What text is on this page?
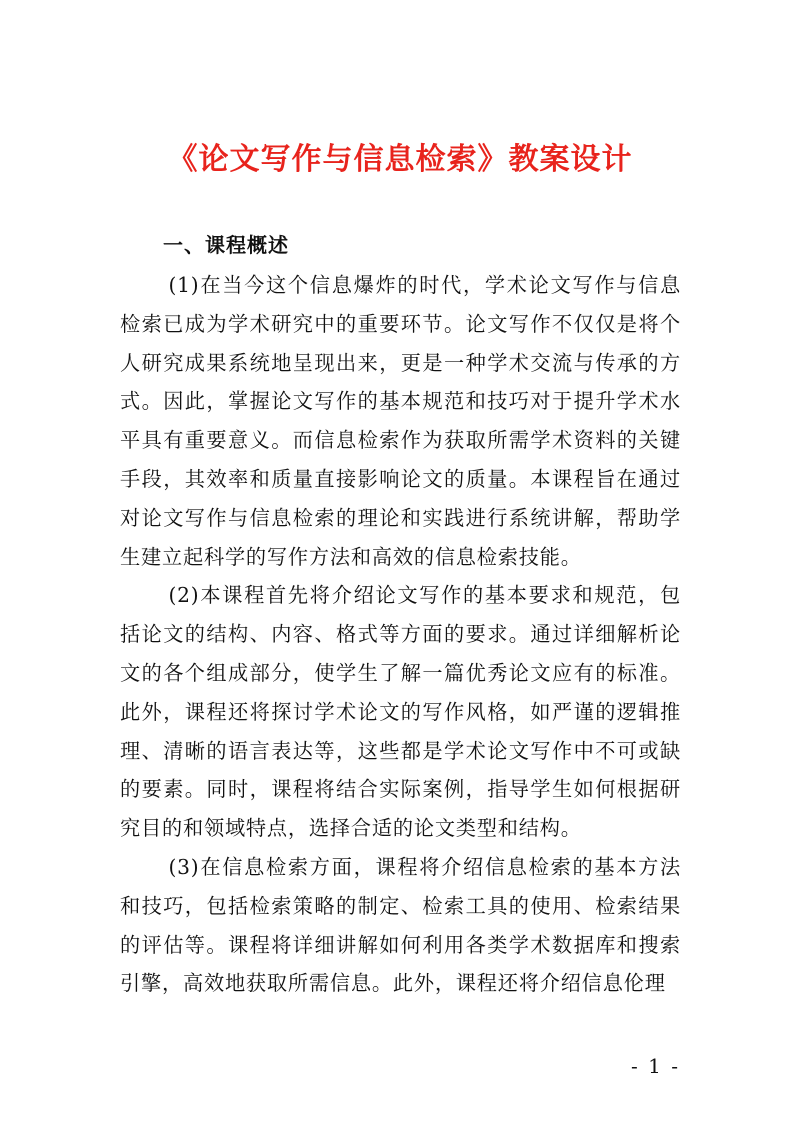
《论文写作与信息检索》教案设计
一、课程概述

(1)在当今这个信息爆炸的时代，学术论文写作与信息检索已成为学术研究中的重要环节。论文写作不仅仅是将个人研究成果系统地呈现出来，更是一种学术交流与传承的方式。因此，掌握论文写作的基本规范和技巧对于提升学术水平具有重要意义。而信息检索作为获取所需学术资料的关键手段，其效率和质量直接影响论文的质量。本课程旨在通过对论文写作与信息检索的理论和实践进行系统讲解，帮助学生建立起科学的写作方法和高效的信息检索技能。

(2)本课程首先将介绍论文写作的基本要求和规范，包括论文的结构、内容、格式等方面的要求。通过详细解析论文的各个组成部分，使学生了解一篇优秀论文应有的标准。此外，课程还将探讨学术论文的写作风格，如严谨的逻辑推理、清晰的语言表达等，这些都是学术论文写作中不可或缺的要素。同时，课程将结合实际案例，指导学生如何根据研究目的和领域特点，选择合适的论文类型和结构。

(3)在信息检索方面，课程将介绍信息检索的基本方法和技巧，包括检索策略的制定、检索工具的使用、检索结果的评估等。课程将详细讲解如何利用各类学术数据库和搜索引擎，高效地获取所需信息。此外，课程还将介绍信息伦理

- 1 -
